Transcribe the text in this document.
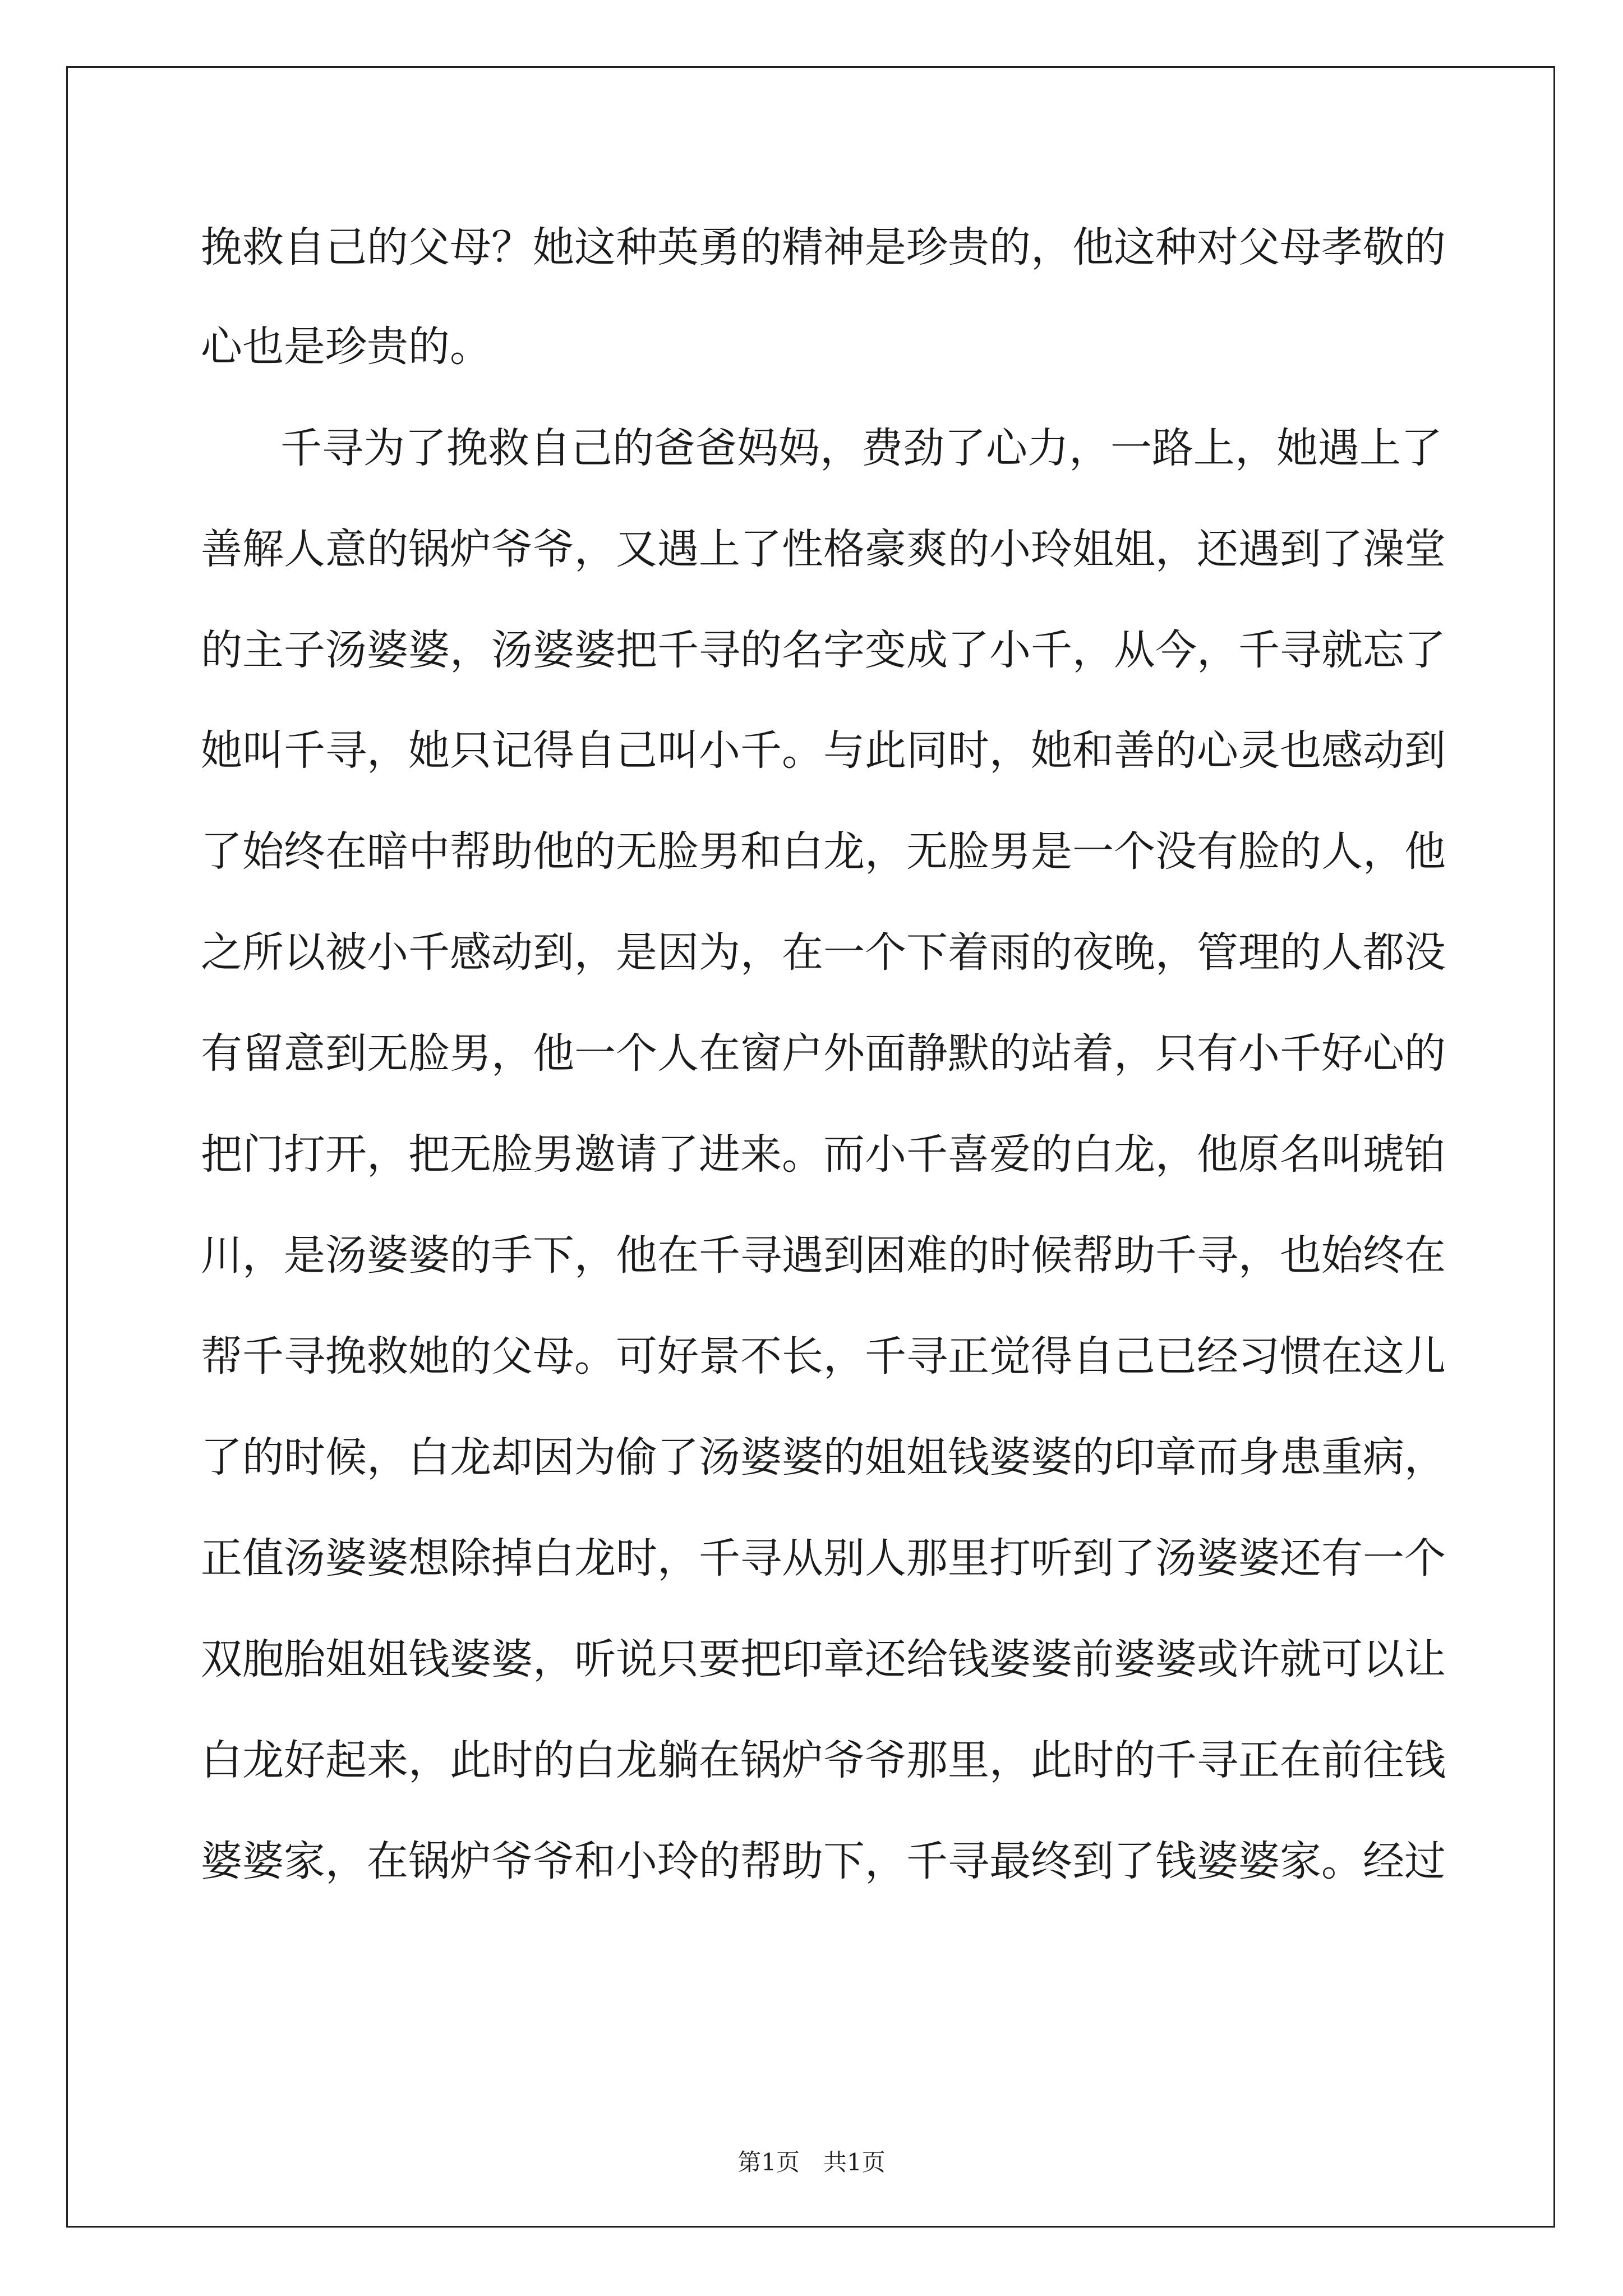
挽救自己的父母？她这种英勇的精神是珍贵的，他这种对父母孝敬的
心也是珍贵的。
千寻为了挽救自己的爸爸妈妈，费劲了心力，一路上，她遇上了
善解人意的锅炉爷爷，又遇上了性格豪爽的小玲姐姐，还遇到了澡堂
的主子汤婆婆，汤婆婆把千寻的名字变成了小千，从今，千寻就忘了
她叫千寻，她只记得自己叫小千。与此同时，她和善的心灵也感动到
了始终在暗中帮助他的无脸男和白龙，无脸男是一个没有脸的人，他
之所以被小千感动到，是因为，在一个下着雨的夜晚，管理的人都没
有留意到无脸男，他一个人在窗户外面静默的站着，只有小千好心的
把门打开，把无脸男邀请了进来。而小千喜爱的白龙，他原名叫琥铂
川，是汤婆婆的手下，他在千寻遇到困难的时候帮助千寻，也始终在
帮千寻挽救她的父母。可好景不长，千寻正觉得自己已经习惯在这儿
了的时候，白龙却因为偷了汤婆婆的姐姐钱婆婆的印章而身患重病，
正值汤婆婆想除掉白龙时，千寻从别人那里打听到了汤婆婆还有一个
双胞胎姐姐钱婆婆，听说只要把印章还给钱婆婆前婆婆或许就可以让
白龙好起来，此时的白龙躺在锅炉爷爷那里，此时的千寻正在前往钱
婆婆家，在锅炉爷爷和小玲的帮助下，千寻最终到了钱婆婆家。经过
第1页　共1页
